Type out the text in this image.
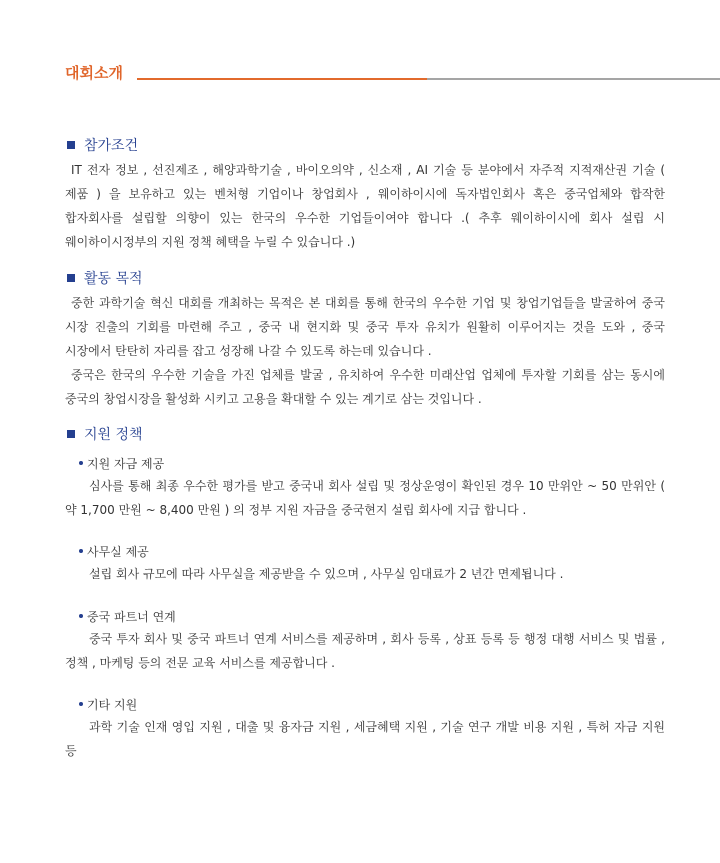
대회소개
참가조건

IT 전자 정보 , 선진제조 , 해양과학기술 , 바이오의약 , 신소재 , AI 기술 등 분야에서 자주적 지적재산권 기술 ( 제품 ) 을 보유하고 있는 벤처형 기업이나 창업회사 , 웨이하이시에 독자법인회사 혹은 중국업체와 합작한 합자회사를 설립할 의향이 있는 한국의 우수한 기업들이여야 합니다 .( 추후 웨이하이시에 회사 설립 시 웨이하이시정부의 지원 정책 혜택을 누릴 수 있습니다 .)

활동 목적

중한 과학기술 혁신 대회를 개최하는 목적은 본 대회를 통해 한국의 우수한 기업 및 창업기업들을 발굴하여 중국 시장 진출의 기회를 마련해 주고 , 중국 내 현지화 및 중국 투자 유치가 원활히 이루어지는 것을 도와 , 중국 시장에서 탄탄히 자리를 잡고 성장해 나갈 수 있도록 하는데 있습니다 .

중국은 한국의 우수한 기술을 가진 업체를 발굴 , 유치하여 우수한 미래산업 업체에 투자할 기회를 삼는 동시에 중국의 창업시장을 활성화 시키고 고용을 확대할 수 있는 계기로 삼는 것입니다 .

지원 정책
지원 자금 제공

심사를 통해 최종 우수한 평가를 받고 중국내 회사 설립 및 정상운영이 확인된 경우 10 만위안 ~ 50 만위안 ( 약 1,700 만원 ~ 8,400 만원 ) 의 정부 지원 자금을 중국현지 설립 회사에 지급 합니다 .

사무실 제공

설립 회사 규모에 따라 사무실을 제공받을 수 있으며 , 사무실 임대료가 2 년간 면제됩니다 .

중국 파트너 연계

중국 투자 회사 및 중국 파트너 연계 서비스를 제공하며 , 회사 등록 , 상표 등록 등 행정 대행 서비스 및 법률 , 정책 , 마케팅 등의 전문 교육 서비스를 제공합니다 .

기타 지원

과학 기술 인재 영입 지원 , 대출 및 융자금 지원 , 세금혜택 지원 , 기술 연구 개발 비용 지원 , 특허 자금 지원 등
